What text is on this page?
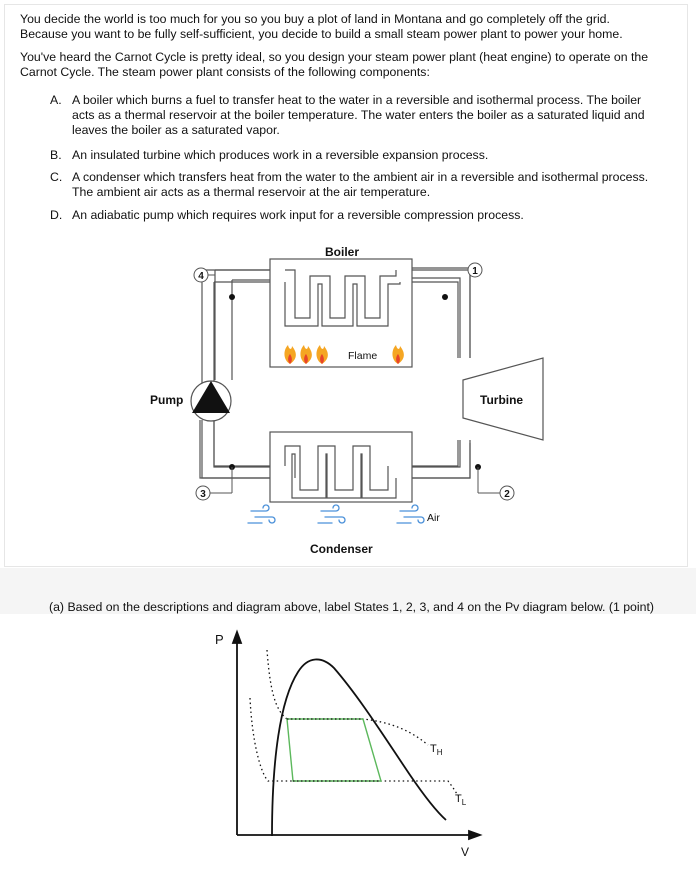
You decide the world is too much for you so you buy a plot of land in Montana and go completely off the grid.

Because you want to be fully self-sufficient, you decide to build a small steam power plant to power your home.

You've heard the Carnot Cycle is pretty ideal, so you design your steam power plant (heat engine) to operate on the

Carnot Cycle. The steam power plant consists of the following components:

A. A boiler which burns a fuel to transfer heat to the water in a reversible and isothermal process. The boiler

acts as a thermal reservoir at the boiler temperature. The water enters the boiler as a saturated liquid and

leaves the boiler as a saturated vapor.

B. An insulated turbine which produces work in a reversible expansion process.

C. A condenser which transfers heat from the water to the ambient air in a reversible and isothermal process.

The ambient air acts as a thermal reservoir at the air temperature.

D. An adiabatic pump which requires work input for a reversible compression process.

Pump	Turbine
Boiler
Flame
Air
Condenser
4	1
3	2

(a) Based on the descriptions and diagram above, label States 1, 2, 3, and 4 on the Pv diagram below. (1 point)

P
V
$T_H$
$T_L$
